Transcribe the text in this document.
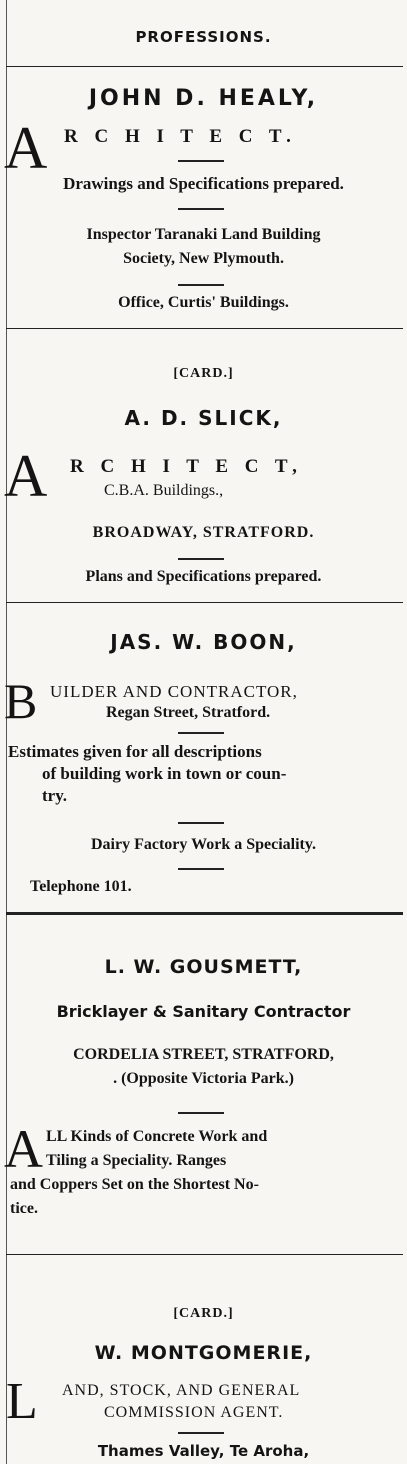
PROFESSIONS.
JOHN D. HEALY,
A R C H I T E C T.
Drawings and Specifications prepared.
Inspector Taranaki Land Building
Society, New Plymouth.
Office, Curtis' Buildings.
[CARD.]
A. D. SLICK,
A R C H I T E C T,
C.B.A. Buildings.,
BROADWAY, STRATFORD.
Plans and Specifications prepared.
JAS. W. BOON,
B UILDER AND CONTRACTOR,
Regan Street, Stratford.
Estimates given for all descriptions
of building work in town or coun-
try.
Dairy Factory Work a Speciality.
Telephone 101.
L. W. GOUSMETT,
Bricklayer & Sanitary Contractor
CORDELIA STREET, STRATFORD,
. (Opposite Victoria Park.)
A LL Kinds of Concrete Work and
Tiling a Speciality. Ranges
and Coppers Set on the Shortest No-
tice.
[CARD.]
W. MONTGOMERIE,
L AND, STOCK, AND GENERAL
COMMISSION AGENT.
Thames Valley, Te Aroha,
